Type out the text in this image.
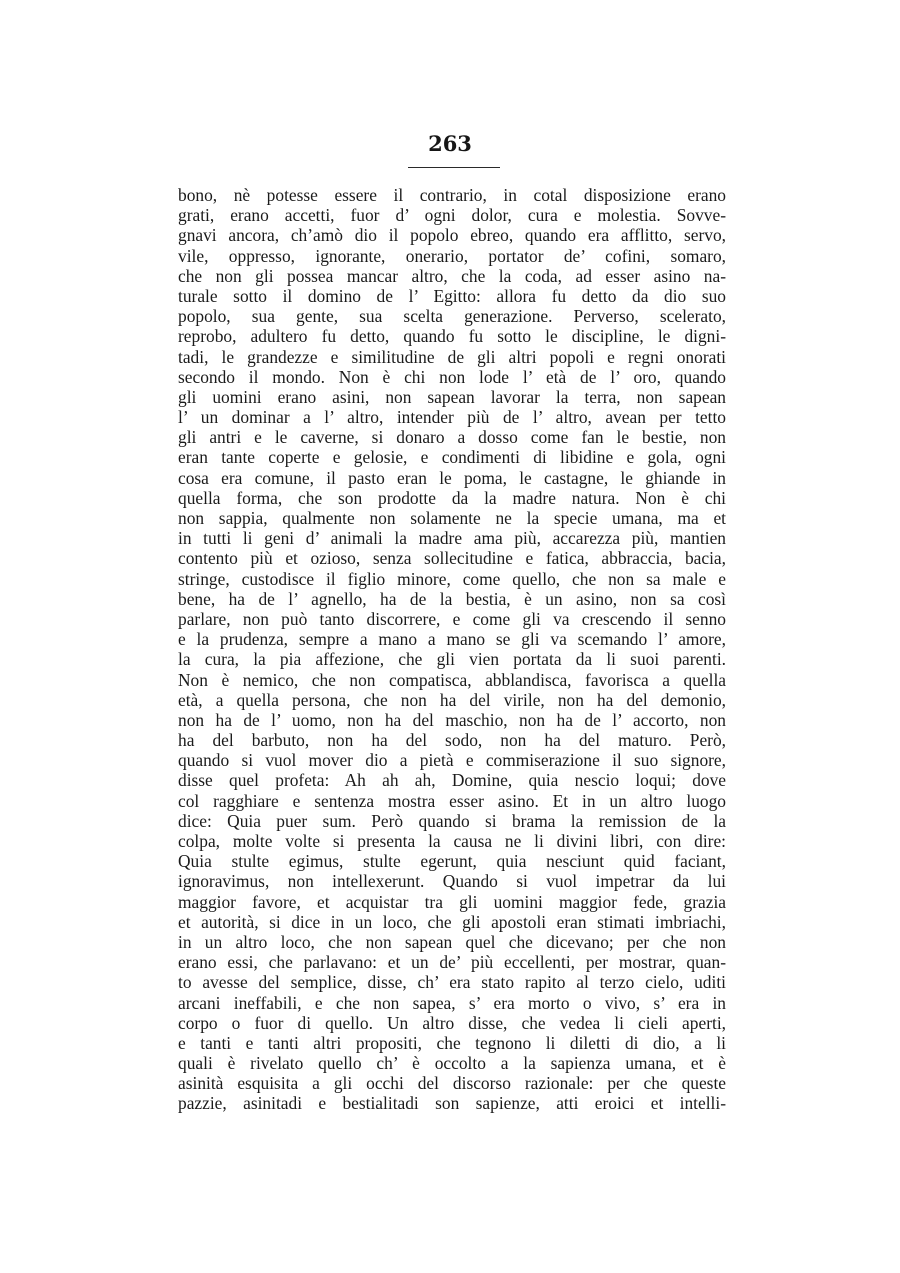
263
bono, nè potesse essere il contrario, in cotal disposizione erano
grati, erano accetti, fuor d’ ogni dolor, cura e molestia. Sovve-
gnavi ancora, ch’amò dio il popolo ebreo, quando era afflitto, servo,
vile, oppresso, ignorante, onerario, portator de’ cofini, somaro,
che non gli possea mancar altro, che la coda, ad esser asino na-
turale sotto il domino de l’ Egitto: allora fu detto da dio suo
popolo, sua gente, sua scelta generazione. Perverso, scelerato,
reprobo, adultero fu detto, quando fu sotto le discipline, le digni-
tadi, le grandezze e similitudine de gli altri popoli e regni onorati
secondo il mondo. Non è chi non lode l’ età de l’ oro, quando
gli uomini erano asini, non sapean lavorar la terra, non sapean
l’ un dominar a l’ altro, intender più de l’ altro, avean per tetto
gli antri e le caverne, si donaro a dosso come fan le bestie, non
eran tante coperte e gelosie, e condimenti di libidine e gola, ogni
cosa era comune, il pasto eran le poma, le castagne, le ghiande in
quella forma, che son prodotte da la madre natura. Non è chi
non sappia, qualmente non solamente ne la specie umana, ma et
in tutti li geni d’ animali la madre ama più, accarezza più, mantien
contento più et ozioso, senza sollecitudine e fatica, abbraccia, bacia,
stringe, custodisce il figlio minore, come quello, che non sa male e
bene, ha de l’ agnello, ha de la bestia, è un asino, non sa così
parlare, non può tanto discorrere, e come gli va crescendo il senno
e la prudenza, sempre a mano a mano se gli va scemando l’ amore,
la cura, la pia affezione, che gli vien portata da li suoi parenti.
Non è nemico, che non compatisca, abblandisca, favorisca a quella
età, a quella persona, che non ha del virile, non ha del demonio,
non ha de l’ uomo, non ha del maschio, non ha de l’ accorto, non
ha del barbuto, non ha del sodo, non ha del maturo. Però,
quando si vuol mover dio a pietà e commiserazione il suo signore,
disse quel profeta: Ah ah ah, Domine, quia nescio loqui; dove
col ragghiare e sentenza mostra esser asino. Et in un altro luogo
dice: Quia puer sum. Però quando si brama la remission de la
colpa, molte volte si presenta la causa ne li divini libri, con dire:
Quia stulte egimus, stulte egerunt, quia nesciunt quid faciant,
ignoravimus, non intellexerunt. Quando si vuol impetrar da lui
maggior favore, et acquistar tra gli uomini maggior fede, grazia
et autorità, si dice in un loco, che gli apostoli eran stimati imbriachi,
in un altro loco, che non sapean quel che dicevano; per che non
erano essi, che parlavano: et un de’ più eccellenti, per mostrar, quan-
to avesse del semplice, disse, ch’ era stato rapito al terzo cielo, uditi
arcani ineffabili, e che non sapea, s’ era morto o vivo, s’ era in
corpo o fuor di quello. Un altro disse, che vedea li cieli aperti,
e tanti e tanti altri propositi, che tegnono li diletti di dio, a li
quali è rivelato quello ch’ è occolto a la sapienza umana, et è
asinità esquisita a gli occhi del discorso razionale: per che queste
pazzie, asinitadi e bestialitadi son sapienze, atti eroici et intelli-
